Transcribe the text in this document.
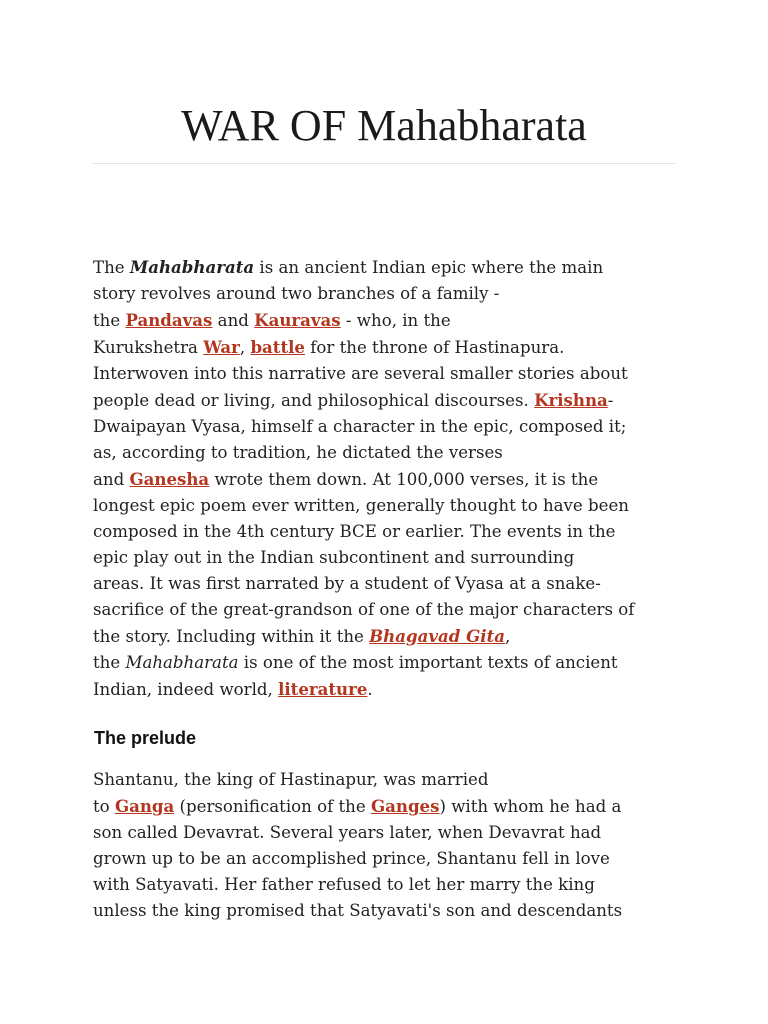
WAR OF Mahabharata
The Mahabharata is an ancient Indian epic where the main
story revolves around two branches of a family -
the Pandavas and Kauravas - who, in the
Kurukshetra War, battle for the throne of Hastinapura.
Interwoven into this narrative are several smaller stories about
people dead or living, and philosophical discourses. Krishna-
Dwaipayan Vyasa, himself a character in the epic, composed it;
as, according to tradition, he dictated the verses
and Ganesha wrote them down. At 100,000 verses, it is the
longest epic poem ever written, generally thought to have been
composed in the 4th century BCE or earlier. The events in the
epic play out in the Indian subcontinent and surrounding
areas. It was first narrated by a student of Vyasa at a snake-
sacrifice of the great-grandson of one of the major characters of
the story. Including within it the Bhagavad Gita,
the Mahabharata is one of the most important texts of ancient
Indian, indeed world, literature.
The prelude
Shantanu, the king of Hastinapur, was married
to Ganga (personification of the Ganges) with whom he had a
son called Devavrat. Several years later, when Devavrat had
grown up to be an accomplished prince, Shantanu fell in love
with Satyavati. Her father refused to let her marry the king
unless the king promised that Satyavati's son and descendants
